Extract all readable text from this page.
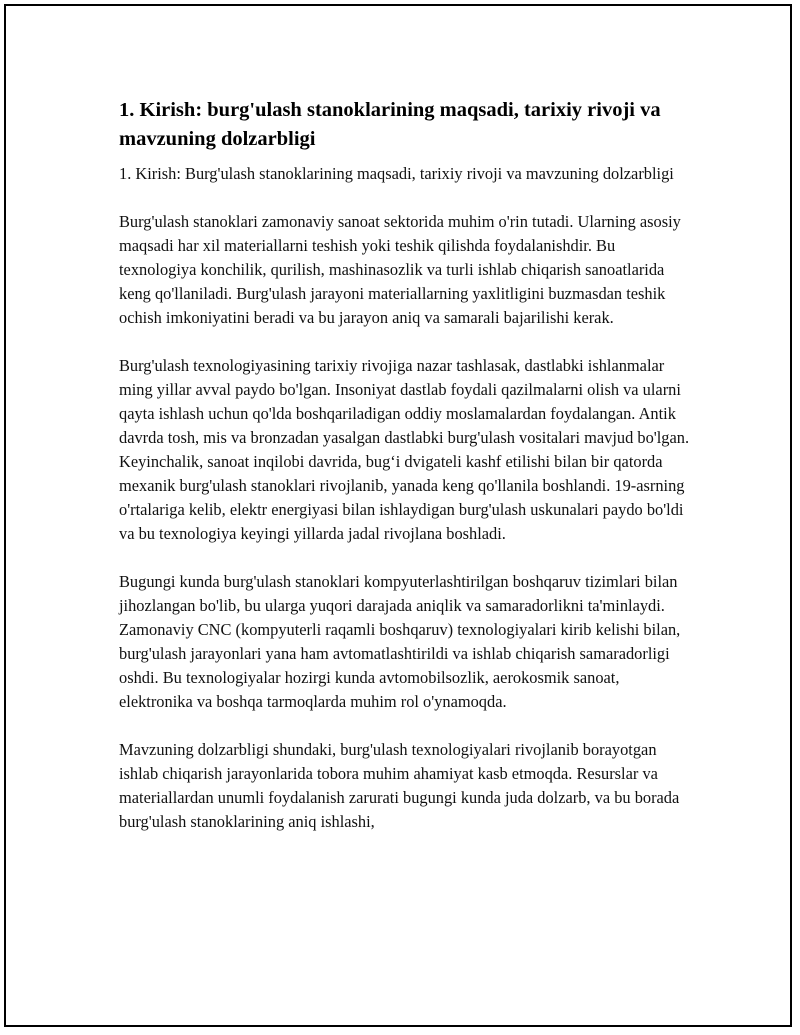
1. Kirish: burg'ulash stanoklarining maqsadi, tarixiy rivoji va mavzuning dolzarbligi

1. Kirish: Burg'ulash stanoklarining maqsadi, tarixiy rivoji va mavzuning dolzarbligi

Burg'ulash stanoklari zamonaviy sanoat sektorida muhim o'rin tutadi. Ularning asosiy maqsadi har xil materiallarni teshish yoki teshik qilishda foydalanishdir. Bu texnologiya konchilik, qurilish, mashinasozlik va turli ishlab chiqarish sanoatlarida keng qo'llaniladi. Burg'ulash jarayoni materiallarning yaxlitligini buzmasdan teshik ochish imkoniyatini beradi va bu jarayon aniq va samarali bajarilishi kerak.

Burg'ulash texnologiyasining tarixiy rivojiga nazar tashlasak, dastlabki ishlanmalar ming yillar avval paydo bo'lgan. Insoniyat dastlab foydali qazilmalarni olish va ularni qayta ishlash uchun qo'lda boshqariladigan oddiy moslamalardan foydalangan. Antik davrda tosh, mis va bronzadan yasalgan dastlabki burg'ulash vositalari mavjud bo'lgan. Keyinchalik, sanoat inqilobi davrida, bug‘i dvigateli kashf etilishi bilan bir qatorda mexanik burg'ulash stanoklari rivojlanib, yanada keng qo'llanila boshlandi. 19-asrning o'rtalariga kelib, elektr energiyasi bilan ishlaydigan burg'ulash uskunalari paydo bo'ldi va bu texnologiya keyingi yillarda jadal rivojlana boshladi.

Bugungi kunda burg'ulash stanoklari kompyuterlashtirilgan boshqaruv tizimlari bilan jihozlangan bo'lib, bu ularga yuqori darajada aniqlik va samaradorlikni ta'minlaydi. Zamonaviy CNC (kompyuterli raqamli boshqaruv) texnologiyalari kirib kelishi bilan, burg'ulash jarayonlari yana ham avtomatlashtirildi va ishlab chiqarish samaradorligi oshdi. Bu texnologiyalar hozirgi kunda avtomobilsozlik, aerokosmik sanoat, elektronika va boshqa tarmoqlarda muhim rol o'ynamoqda.

Mavzuning dolzarbligi shundaki, burg'ulash texnologiyalari rivojlanib borayotgan ishlab chiqarish jarayonlarida tobora muhim ahamiyat kasb etmoqda. Resurslar va materiallardan unumli foydalanish zarurati bugungi kunda juda dolzarb, va bu borada burg'ulash stanoklarining aniq ishlashi,
